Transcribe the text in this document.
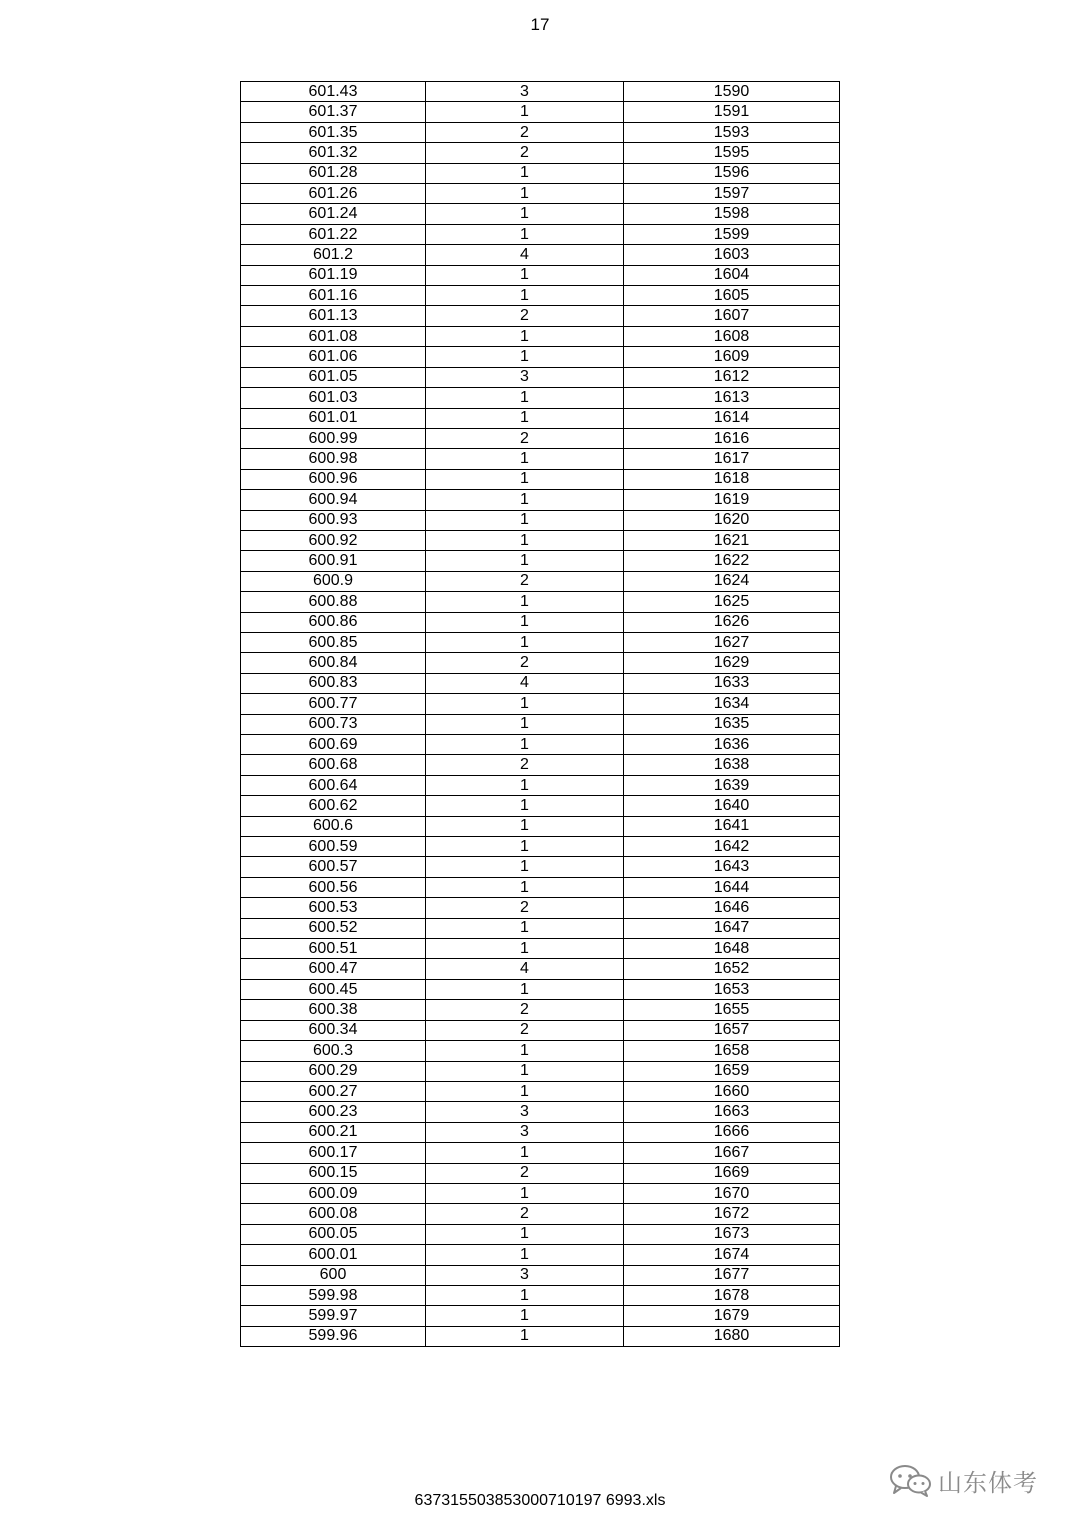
17
601.43	3	1590
601.37	1	1591
601.35	2	1593
601.32	2	1595
601.28	1	1596
601.26	1	1597
601.24	1	1598
601.22	1	1599
601.2	4	1603
601.19	1	1604
601.16	1	1605
601.13	2	1607
601.08	1	1608
601.06	1	1609
601.05	3	1612
601.03	1	1613
601.01	1	1614
600.99	2	1616
600.98	1	1617
600.96	1	1618
600.94	1	1619
600.93	1	1620
600.92	1	1621
600.91	1	1622
600.9	2	1624
600.88	1	1625
600.86	1	1626
600.85	1	1627
600.84	2	1629
600.83	4	1633
600.77	1	1634
600.73	1	1635
600.69	1	1636
600.68	2	1638
600.64	1	1639
600.62	1	1640
600.6	1	1641
600.59	1	1642
600.57	1	1643
600.56	1	1644
600.53	2	1646
600.52	1	1647
600.51	1	1648
600.47	4	1652
600.45	1	1653
600.38	2	1655
600.34	2	1657
600.3	1	1658
600.29	1	1659
600.27	1	1660
600.23	3	1663
600.21	3	1666
600.17	1	1667
600.15	2	1669
600.09	1	1670
600.08	2	1672
600.05	1	1673
600.01	1	1674
600	3	1677
599.98	1	1678
599.97	1	1679
599.96	1	1680
山东体考
637315503853000710197 6993.xls
